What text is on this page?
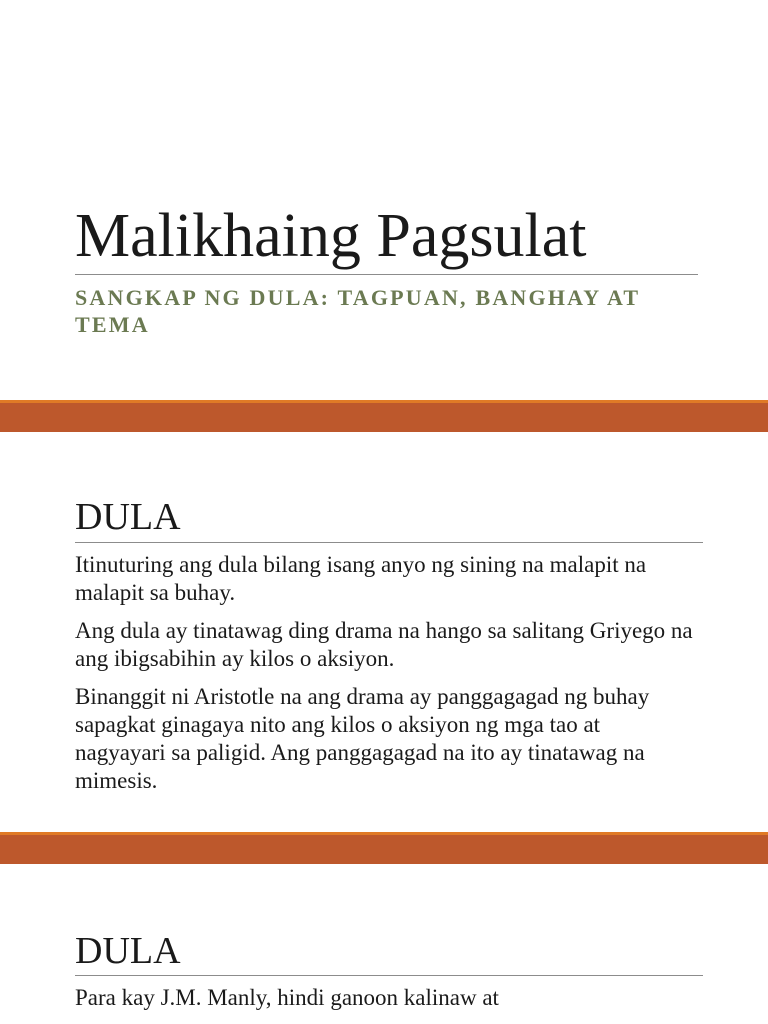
Malikhaing Pagsulat
SANGKAP NG DULA: TAGPUAN, BANGHAY AT TEMA
DULA

Itinuturing ang dula bilang isang anyo ng sining na malapit na malapit sa buhay.

Ang dula ay tinatawag ding drama na hango sa salitang Griyego na ang ibigsabihin ay kilos o aksiyon.

Binanggit ni Aristotle na ang drama ay panggagagad ng buhay sapagkat ginagaya nito ang kilos o aksiyon ng mga tao at nagyayari sa paligid. Ang panggagagad na ito ay tinatawag na mimesis.

DULA

Para kay J.M. Manly, hindi ganoon kalinaw at
